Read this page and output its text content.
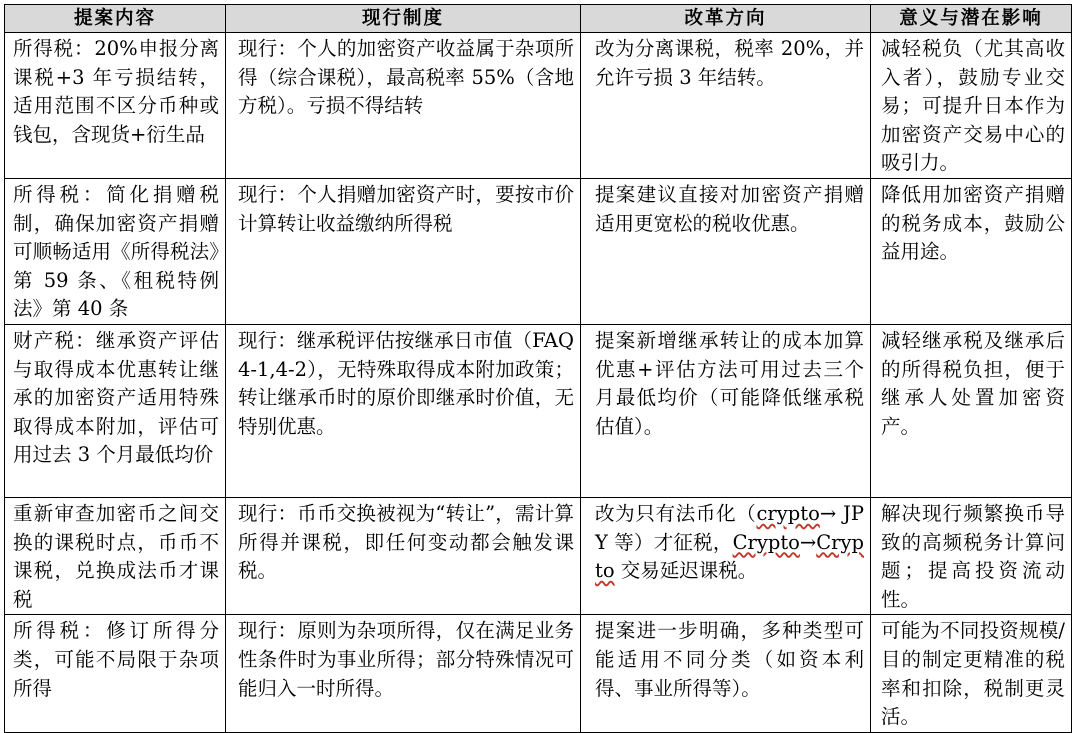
提案内容	现行制度	改革方向	意义与潜在影响
所得税：20%申报分离课税+3 年亏损结转，适用范围不区分币种或钱包，含现货+衍生品	现行：个人的加密资产收益属于杂项所得（综合课税），最高税率 55%（含地方税）。亏损不得结转	改为分离课税，税率 20%，并允许亏损 3 年结转。	减轻税负（尤其高收入者），鼓励专业交易；可提升日本作为加密资产交易中心的吸引力。
所得税：简化捐赠税制，确保加密资产捐赠可顺畅适用《所得税法》第 59 条、《租税特例法》第 40 条	现行：个人捐赠加密资产时，要按市价计算转让收益缴纳所得税	提案建议直接对加密资产捐赠适用更宽松的税收优惠。	降低用加密资产捐赠的税务成本，鼓励公益用途。
财产税：继承资产评估与取得成本优惠转让继承的加密资产适用特殊取得成本附加，评估可用过去 3 个月最低均价	现行：继承税评估按继承日市值（FAQ4-1,4-2），无特殊取得成本附加政策；转让继承币时的原价即继承时价值，无特别优惠。	提案新增继承转让的成本加算优惠+评估方法可用过去三个月最低均价（可能降低继承税估值）。	减轻继承税及继承后的所得税负担，便于继承人处置加密资产。
重新审查加密币之间交换的课税时点，币币不课税，兑换成法币才课税	现行：币币交换被视为“转让”，需计算所得并课税，即任何变动都会触发课税。	改为只有法币化（crypto→ JPY 等）才征税，Crypto→Crypto 交易延迟课税。	解决现行频繁换币导致的高频税务计算问题；提高投资流动性。
所得税：修订所得分类，可能不局限于杂项所得	现行：原则为杂项所得，仅在满足业务性条件时为事业所得；部分特殊情况可能归入一时所得。	提案进一步明确，多种类型可能适用不同分类（如资本利得、事业所得等）。	可能为不同投资规模/目的制定更精准的税率和扣除，税制更灵活。
